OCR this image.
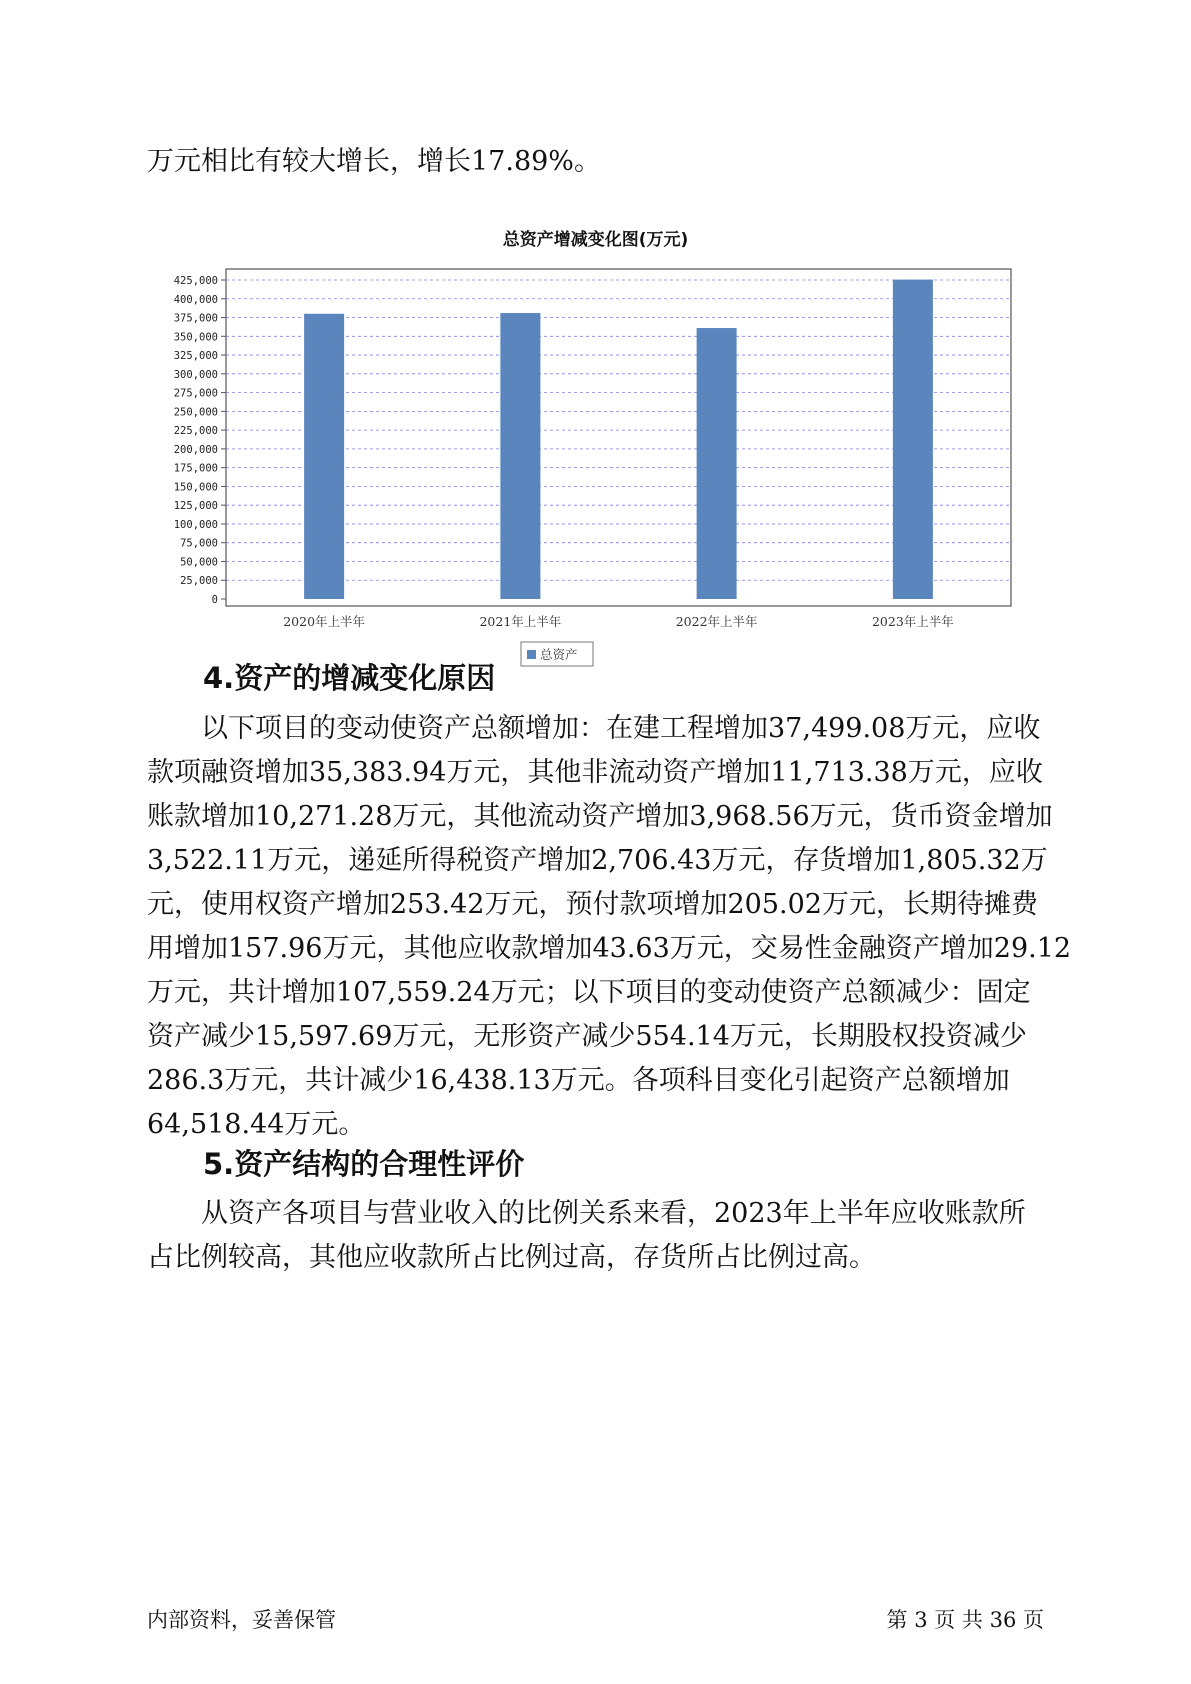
万元相比有较大增长，增长17.89%。

总资产增减变化图(万元)
0
25,000
50,000
75,000
100,000
125,000
150,000
175,000
200,000
225,000
250,000
275,000
300,000
325,000
350,000
375,000
400,000
425,000
2020年上半年	2021年上半年	2022年上半年	2023年上半年
总资产
4.资产的增减变化原因
以下项目的变动使资产总额增加：在建工程增加37,499.08万元，应收
款项融资增加35,383.94万元，其他非流动资产增加11,713.38万元，应收
账款增加10,271.28万元，其他流动资产增加3,968.56万元，货币资金增加
3,522.11万元，递延所得税资产增加2,706.43万元，存货增加1,805.32万
元，使用权资产增加253.42万元，预付款项增加205.02万元，长期待摊费
用增加157.96万元，其他应收款增加43.63万元，交易性金融资产增加29.12
万元，共计增加107,559.24万元；以下项目的变动使资产总额减少：固定
资产减少15,597.69万元，无形资产减少554.14万元，长期股权投资减少
286.3万元，共计减少16,438.13万元。各项科目变化引起资产总额增加
64,518.44万元。
5.资产结构的合理性评价
从资产各项目与营业收入的比例关系来看，2023年上半年应收账款所
占比例较高，其他应收款所占比例过高，存货所占比例过高。
内部资料，妥善保管	第 3 页 共 36 页
